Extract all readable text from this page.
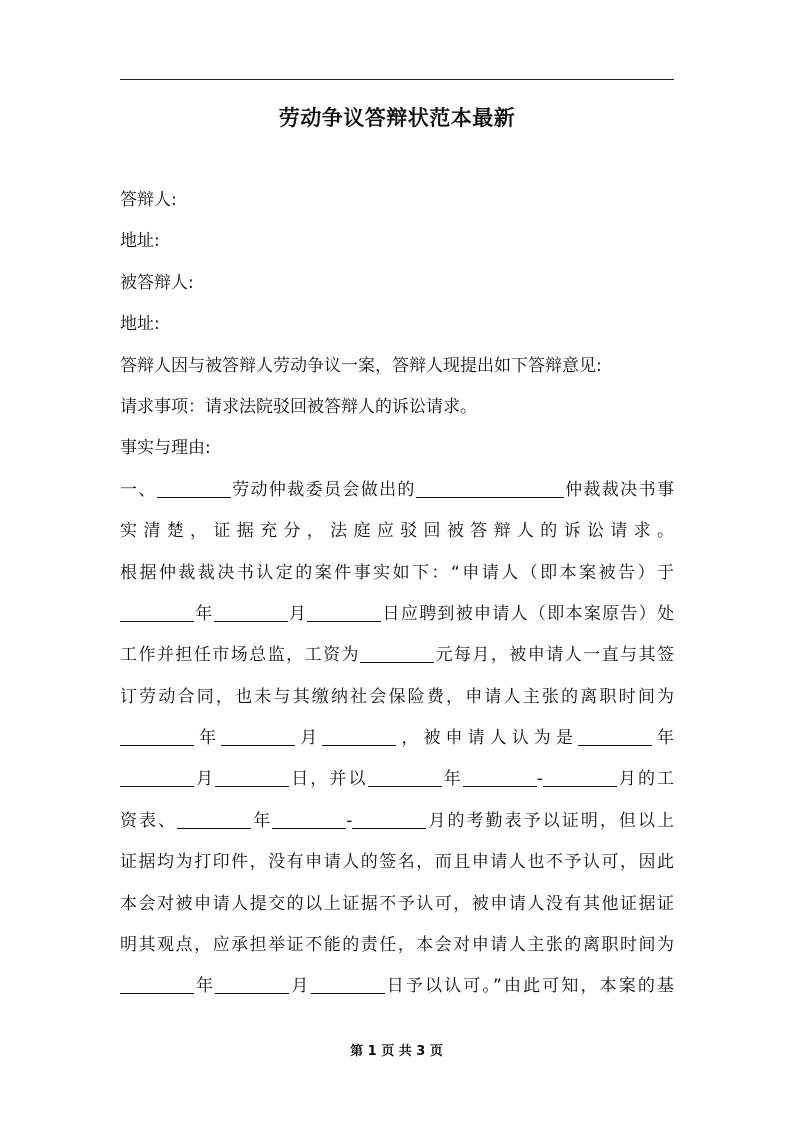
劳动争议答辩状范本最新
答辩人:
地址:
被答辩人:
地址:
答辩人因与被答辩人劳动争议一案，答辩人现提出如下答辩意见:
请求事项：请求法院驳回被答辩人的诉讼请求。
事实与理由:
一、	劳动仲裁委员会做出的	仲裁裁决书事
实清楚，证据充分，法庭应驳回被答辩人的诉讼请求。
根据仲裁裁决书认定的案件事实如下：“申请人（即本案被告）于
年	月	日应聘到被申请人（即本案原告）处
工作并担任市场总监，工资为	元每月，被申请人一直与其签
订劳动合同，也未与其缴纳社会保险费，申请人主张的离职时间为
年	月	，被申请人认为是	年
月	日，并以	年	-	月的工
资表、	年	-	月的考勤表予以证明，但以上
证据均为打印件，没有申请人的签名，而且申请人也不予认可，因此
本会对被申请人提交的以上证据不予认可，被申请人没有其他证据证
明其观点，应承担举证不能的责任，本会对申请人主张的离职时间为
年	月	日予以认可。”由此可知，本案的基
第 1 页 共 3 页
